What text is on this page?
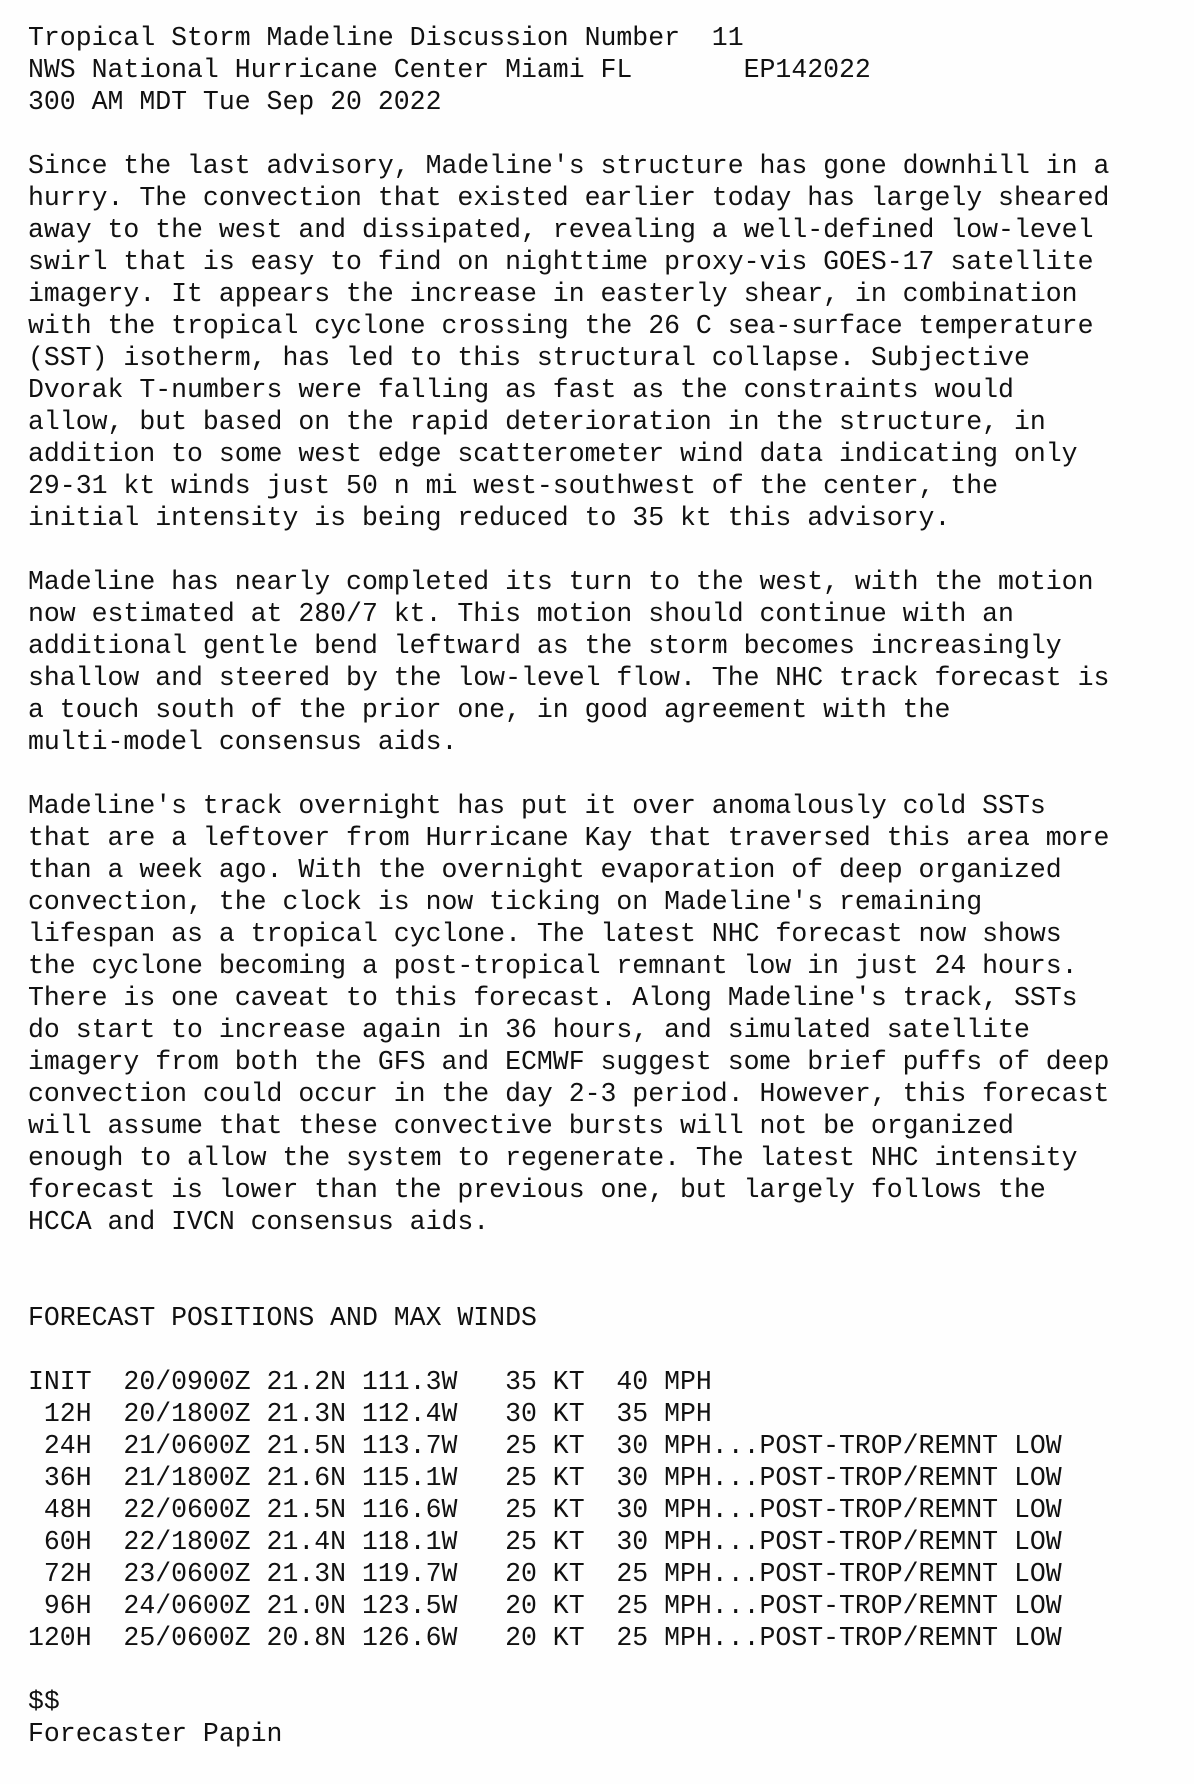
Tropical Storm Madeline Discussion Number  11
NWS National Hurricane Center Miami FL       EP142022
300 AM MDT Tue Sep 20 2022
Since the last advisory, Madeline's structure has gone downhill in a
hurry. The convection that existed earlier today has largely sheared
away to the west and dissipated, revealing a well-defined low-level
swirl that is easy to find on nighttime proxy-vis GOES-17 satellite
imagery. It appears the increase in easterly shear, in combination
with the tropical cyclone crossing the 26 C sea-surface temperature
(SST) isotherm, has led to this structural collapse. Subjective
Dvorak T-numbers were falling as fast as the constraints would
allow, but based on the rapid deterioration in the structure, in
addition to some west edge scatterometer wind data indicating only
29-31 kt winds just 50 n mi west-southwest of the center, the
initial intensity is being reduced to 35 kt this advisory.
Madeline has nearly completed its turn to the west, with the motion
now estimated at 280/7 kt. This motion should continue with an
additional gentle bend leftward as the storm becomes increasingly
shallow and steered by the low-level flow. The NHC track forecast is
a touch south of the prior one, in good agreement with the
multi-model consensus aids.
Madeline's track overnight has put it over anomalously cold SSTs
that are a leftover from Hurricane Kay that traversed this area more
than a week ago. With the overnight evaporation of deep organized
convection, the clock is now ticking on Madeline's remaining
lifespan as a tropical cyclone. The latest NHC forecast now shows
the cyclone becoming a post-tropical remnant low in just 24 hours.
There is one caveat to this forecast. Along Madeline's track, SSTs
do start to increase again in 36 hours, and simulated satellite
imagery from both the GFS and ECMWF suggest some brief puffs of deep
convection could occur in the day 2-3 period. However, this forecast
will assume that these convective bursts will not be organized
enough to allow the system to regenerate. The latest NHC intensity
forecast is lower than the previous one, but largely follows the
HCCA and IVCN consensus aids.
FORECAST POSITIONS AND MAX WINDS
INIT  20/0900Z 21.2N 111.3W   35 KT  40 MPH
12H  20/1800Z 21.3N 112.4W   30 KT  35 MPH
24H  21/0600Z 21.5N 113.7W   25 KT  30 MPH...POST-TROP/REMNT LOW
36H  21/1800Z 21.6N 115.1W   25 KT  30 MPH...POST-TROP/REMNT LOW
48H  22/0600Z 21.5N 116.6W   25 KT  30 MPH...POST-TROP/REMNT LOW
60H  22/1800Z 21.4N 118.1W   25 KT  30 MPH...POST-TROP/REMNT LOW
72H  23/0600Z 21.3N 119.7W   20 KT  25 MPH...POST-TROP/REMNT LOW
96H  24/0600Z 21.0N 123.5W   20 KT  25 MPH...POST-TROP/REMNT LOW
120H  25/0600Z 20.8N 126.6W   20 KT  25 MPH...POST-TROP/REMNT LOW
$$
Forecaster Papin
